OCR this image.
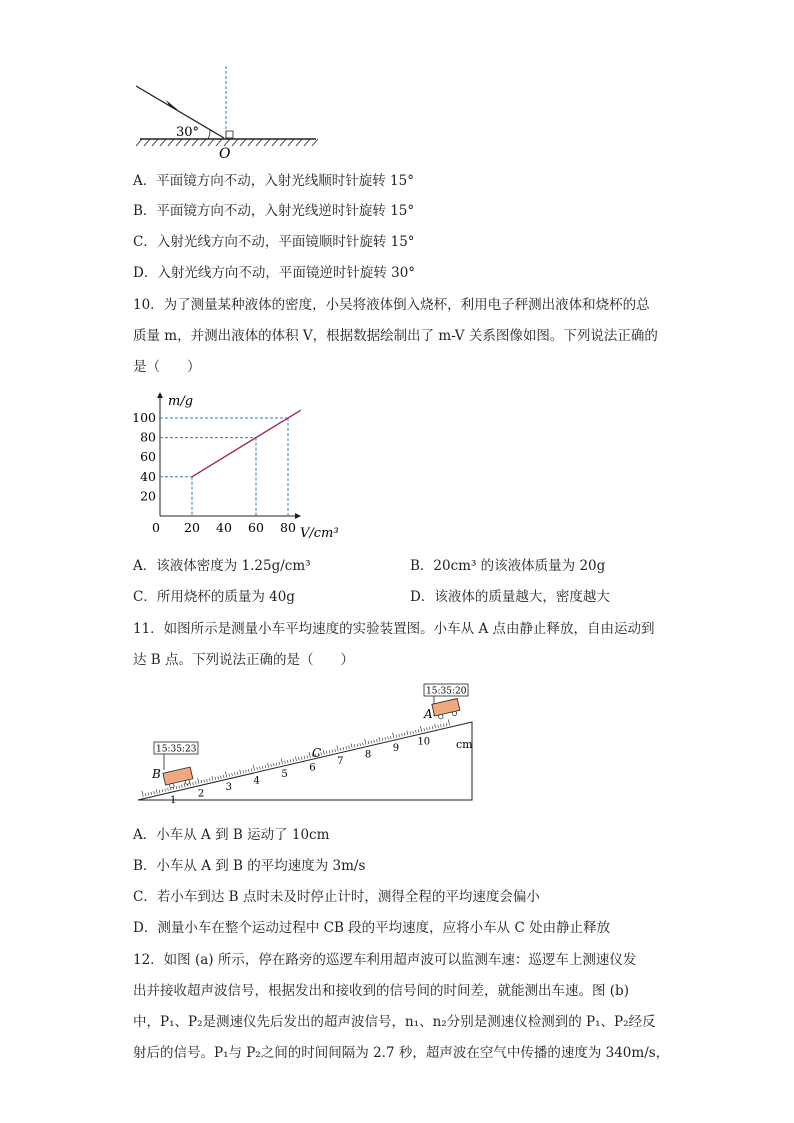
30°
O
A．平面镜方向不动，入射光线顺时针旋转 15°
B．平面镜方向不动，入射光线逆时针旋转 15°
C．入射光线方向不动，平面镜顺时针旋转 15°
D．入射光线方向不动，平面镜逆时针旋转 30°
10．为了测量某种液体的密度，小吴将液体倒入烧杯，利用电子秤测出液体和烧杯的总
质量 m，并测出液体的体积 V，根据数据绘制出了 m-V 关系图像如图。下列说法正确的
是（　　）
m/g
V/cm³
20
40
60
80
100
0 20 40 60 80
A．该液体密度为 1.25g/cm³	B．20cm³ 的该液体质量为 20g
C．所用烧杯的质量为 40g	D．该液体的质量越大，密度越大
11．如图所示是测量小车平均速度的实验装置图。小车从 A 点由静止释放，自由运动到
达 B 点。下列说法正确的是（　　）
1
2
3
4
5
6
7
8
9
10
15:35:20
A
15:35:23
B
C
cm
A．小车从 A 到 B 运动了 10cm
B．小车从 A 到 B 的平均速度为 3m/s
C．若小车到达 B 点时未及时停止计时，测得全程的平均速度会偏小
D．测量小车在整个运动过程中 CB 段的平均速度，应将小车从 C 处由静止释放
12．如图 (a) 所示，停在路旁的巡逻车利用超声波可以监测车速：巡逻车上测速仪发
出并接收超声波信号，根据发出和接收到的信号间的时间差，就能测出车速。图 (b)
中，P₁、P₂是测速仪先后发出的超声波信号，n₁、n₂分别是测速仪检测到的 P₁、P₂经反
射后的信号。P₁与 P₂之间的时间间隔为 2.7 秒，超声波在空气中传播的速度为 340m/s，
